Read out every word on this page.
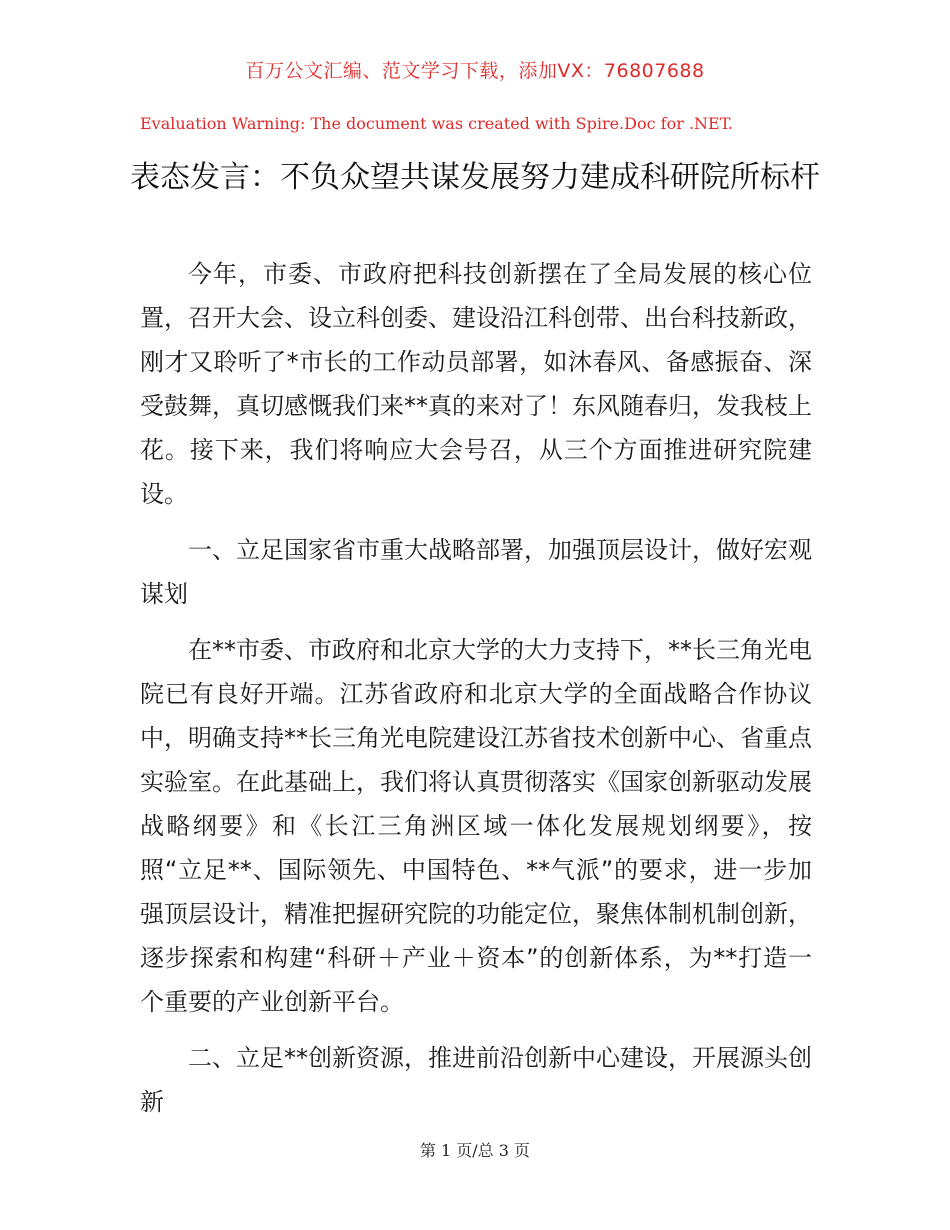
百万公文汇编、范文学习下载，添加VX：76807688
Evaluation Warning: The document was created with Spire.Doc for .NET.
表态发言：不负众望共谋发展努力建成科研院所标杆

今年，市委、市政府把科技创新摆在了全局发展的核心位置，召开大会、设立科创委、建设沿江科创带、出台科技新政，刚才又聆听了*市长的工作动员部署，如沐春风、备感振奋、深受鼓舞，真切感慨我们来**真的来对了！东风随春归，发我枝上花。接下来，我们将响应大会号召，从三个方面推进研究院建设。

一、立足国家省市重大战略部署，加强顶层设计，做好宏观谋划

在**市委、市政府和北京大学的大力支持下，**长三角光电院已有良好开端。江苏省政府和北京大学的全面战略合作协议中，明确支持**长三角光电院建设江苏省技术创新中心、省重点实验室。在此基础上，我们将认真贯彻落实《国家创新驱动发展战略纲要》和《长江三角洲区域一体化发展规划纲要》，按照“立足**、国际领先、中国特色、**气派”的要求，进一步加强顶层设计，精准把握研究院的功能定位，聚焦体制机制创新，逐步探索和构建“科研＋产业＋资本”的创新体系，为**打造一个重要的产业创新平台。

二、立足**创新资源，推进前沿创新中心建设，开展源头创新

第 1 页/总 3 页
